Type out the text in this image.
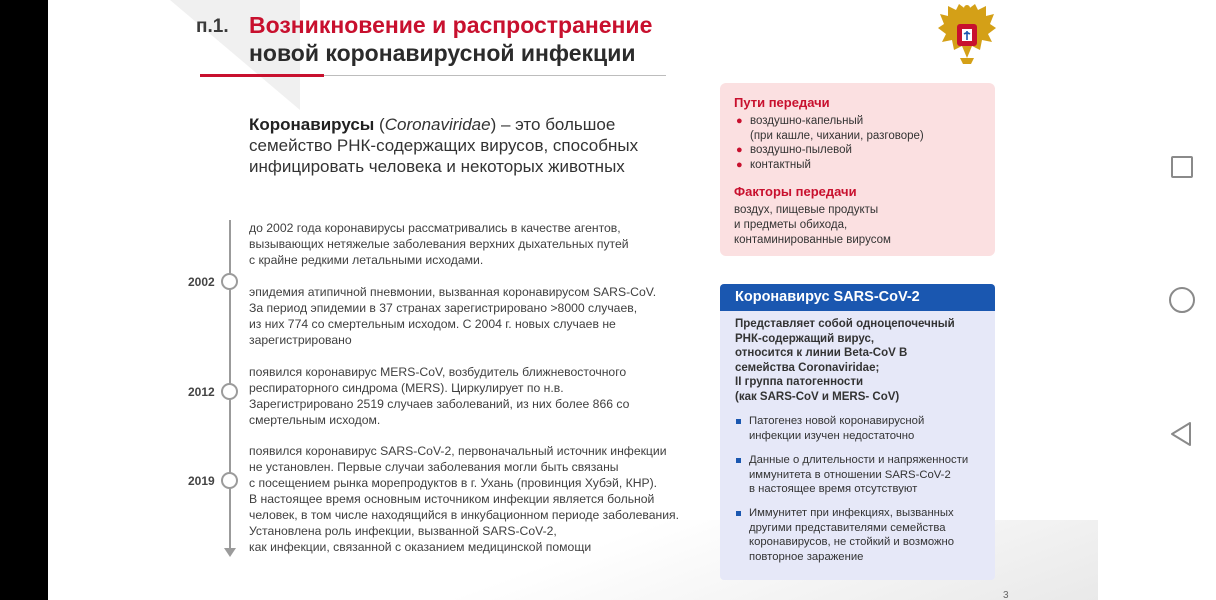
п.1. Возникновение и распространение
новой коронавирусной инфекции
Коронавирусы (Coronaviridae) – это большое семейство РНК-содержащих вирусов, способных инфицировать человека и некоторых животных
2002
2012
2019
до 2002 года коронавирусы рассматривались в качестве агентов,
вызывающих нетяжелые заболевания верхних дыхательных путей
с крайне редкими летальными исходами.
эпидемия атипичной пневмонии, вызванная коронавирусом SARS-CoV.
За период эпидемии в 37 странах зарегистрировано >8000 случаев,
из них 774 со смертельным исходом. С 2004 г. новых случаев не
зарегистрировано
появился коронавирус MERS-CoV, возбудитель ближневосточного
респираторного синдрома (MERS). Циркулирует по н.в.
Зарегистрировано 2519 случаев заболеваний, из них более 866 со
смертельным исходом.
появился коронавирус SARS-CoV-2, первоначальный источник инфекции
не установлен. Первые случаи заболевания могли быть связаны
с посещением рынка морепродуктов в г. Ухань (провинция Хубэй, КНР).
В настоящее время основным источником инфекции является больной
человек, в том числе находящийся в инкубационном периоде заболевания.
Установлена роль инфекции, вызванной SARS-CoV-2,
как инфекции, связанной с оказанием медицинской помощи
Пути передачи
● воздушно-капельный
(при кашле, чихании, разговоре)
● воздушно-пылевой
● контактный
Факторы передачи
воздух, пищевые продукты
и предметы обихода,
контаминированные вирусом
Коронавирус SARS-CoV-2
Представляет собой одноцепочечный
РНК-содержащий вирус,
относится к линии Beta-CoV В
семейства Coronaviridae;
II группа патогенности
(как SARS-CoV и MERS- CoV)
Патогенез новой коронавирусной
инфекции изучен недостаточно
Данные о длительности и напряженности
иммунитета в отношении SARS-CoV-2
в настоящее время отсутствуют
Иммунитет при инфекциях, вызванных
другими представителями семейства
коронавирусов, не стойкий и возможно
повторное заражение
3
